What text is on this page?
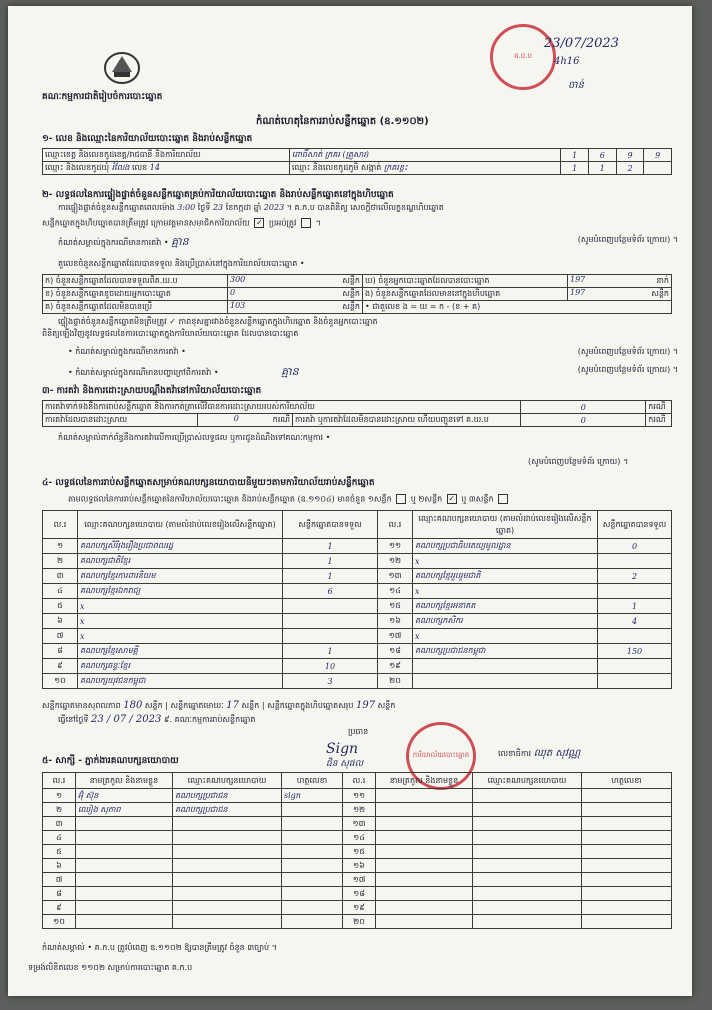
គ.ជ.ប
23/07/2023
4h16
ចាន់
គណៈកម្មការជាតិរៀបចំការបោះឆ្នោត
កំណត់ហេតុនៃការរាប់សន្លឹកឆ្នោត (ឧ.១១០២)
១- លេខ និងឈ្មោះនៃការិយាល័យបោះឆ្នោត និងរាប់សន្លឹកឆ្នោត
ឈ្មោះខេត្ត និងលេខកូដខេត្ត/រាជធានី និងការិយាល័យ	ពោធិ៍សាត់ ក្រគរ (គ្រួសារ)	1	6	9	9
ឈ្មោះ និងលេខកូដឃុំ រំលែង លេខ 14	ឈ្មោះ និងលេខកូដភូមិ សង្កាត់ ក្រគរខ្លះ	1	1	2	
២- លទ្ធផលនៃការផ្ទៀងផ្ទាត់ចំនួនសន្លឹកឆ្នោតគ្រប់ការិយាល័យបោះឆ្នោត និងរាប់សន្លឹកឆ្នោតនៅក្នុងហិបឆ្នោត
ការផ្ទៀងផ្ទាត់ចំនួនសន្លឹកឆ្នោតពេលម៉ោង 3:00 ថ្ងៃទី 23 ខែកក្កដា ឆ្នាំ 2023 ។ គ.ក.ប បានពិនិត្យ សេចក្តីថាលើលក្ខខណ្ឌហិបឆ្នោត
សន្លឹកឆ្នោតក្នុងហិបឆ្នោតបានត្រឹមត្រូវ ក្រោមវត្តមានសមាជិកការិយាល័យ ✓ ប្រអប់ត្រូវ ។
កំណត់សម្គាល់ក្នុងករណីមានការតវ៉ា • គ្មាន	(សូមបំពេញបន្ថែមទំព័រ ក្រោយ) ។
តួលេខចំនួនសន្លឹកឆ្នោតដែលបានទទួល និងប្រើប្រាស់នៅក្នុងការិយាល័យបោះឆ្នោត •
ក) ចំនួនសន្លឹកឆ្នោតដែលបានទទួលពីគ.ឃ.ប	300 សន្លឹក	ឃ) ចំនួនអ្នកបោះឆ្នោតដែលបានបោះឆ្នោត	197 នាក់

ខ) ចំនួនសន្លឹកឆ្នោតខូចដោយអ្នកបោះឆ្នោត	0 សន្លឹក	ង) ចំនួនសន្លឹកឆ្នោតដែលមាននៅក្នុងហិបឆ្នោត	197 សន្លឹក

គ) ចំនួនសន្លឹកឆ្នោតដែលមិនបានប្រើ	103 សន្លឹក	• ជាតួលេខ ង = ឃ = ក - (ខ + គ)	
ផ្ទៀងផ្ទាត់ចំនួនសន្លឹកឆ្នោតមិនត្រឹមត្រូវ ✓ ភាពខុសគ្នារវាងចំនួនសន្លឹកឆ្នោតក្នុងហិបឆ្នោត និងចំនួនអ្នកបោះឆ្នោត
ពិនិត្យឡើងវិញនូវលទ្ធផលនៃការបោះឆ្នោតក្នុងការិយាល័យបោះឆ្នោត ដែលបានបោះឆ្នោត
• កំណត់សម្គាល់ក្នុងករណីមានការតវ៉ា •	(សូមបំពេញបន្ថែមទំព័រ ក្រោយ) ។
• កំណត់សម្គាល់ក្នុងករណីមានបញ្ហាក្រៅពីការតវ៉ា •	គ្មាន	(សូមបំពេញបន្ថែមទំព័រ ក្រោយ) ។
៣- ការតវ៉ា និងការដោះស្រាយបណ្តឹងតវ៉ានៅការិយាល័យបោះឆ្នោត
ការតវ៉ាទាក់ទងនឹងការរាប់សន្លឹកឆ្នោត និងការកត់ត្រាលើវិធានការដោះស្រាយរបស់ការិយាល័យ			0	ករណី
ការតវ៉ាដែលបានដោះស្រាយ	0 ករណី	ការតវ៉ា ឬការតវ៉ាដែលមិនបានដោះស្រាយ ហើយបញ្ជូនទៅ គ.ឃ.ប	0	ករណី
កំណត់សម្គាល់ពាក់ព័ន្ធនឹងការតវ៉ាលើការប្រើប្រាស់លទ្ធផល ឬការជូនដំណឹងទៅគណៈកម្មការ •
(សូមបំពេញបន្ថែមទំព័រ ក្រោយ) ។
៤- លទ្ធផលនៃការរាប់សន្លឹកឆ្នោតសម្រាប់គណបក្សនយោបាយនីមួយៗតាមការិយាល័យរាប់សន្លឹកឆ្នោត
តាមលទ្ធផលនៃការរាប់សន្លឹកឆ្នោតនៃការិយាល័យបោះឆ្នោត និងរាប់សន្លឹកឆ្នោត (ឧ.១១០៤) មានចំនួន ១សន្លឹក ឬ ២សន្លឹក ✓ ឬ ៣សន្លឹក
ល.រ	ឈ្មោះគណបក្សនយោបាយ (តាមលំដាប់លេខរៀងលើសន្លឹកឆ្នោត)	សន្លឹកឆ្នោតបានទទួល	ល.រ	ឈ្មោះគណបក្សនយោបាយ (តាមលំដាប់លេខរៀងលើសន្លឹកឆ្នោត)	សន្លឹកឆ្នោតបានទទួល
១	គណបក្សសិរីរុងរឿងប្រជាពលរដ្ឋ	1	១១	គណបក្សប្រជាធិបតេយ្យមូលដ្ឋាន	0
២	គណបក្សជាតិខ្មែរ	1	១២	x	
៣	គណបក្សខ្មែរការពារនិយម	1	១៣	គណបក្សខ្មែររួបរួមជាតិ	2
៤	គណបក្សខ្មែរឯករាជ្យ	6	១៤	x	
៥	x		១៥	គណបក្សខ្មែរអនាគត	1
៦	x		១៦	គណបក្សកសិករ	4
៧	x		១៧	x	
៨	គណបក្សខ្មែរសាមគ្គី	1	១៨	គណបក្សប្រជាជនកម្ពុជា	150
៩	គណបក្សឆន្ទៈខ្មែរ	10	១៩		
១០	គណបក្សយុវជនកម្ពុជា	3	២០		
សន្លឹកឆ្នោតមានសុពលភាព 180 សន្លឹក | សន្លឹកឆ្នោតមោឃៈ 17 សន្លឹក | សន្លឹកឆ្នោតក្នុងហិបឆ្នោតសរុប 197 សន្លឹក
ធ្វើនៅថ្ងៃទី 23 / 07 / 2023 ៩. គណៈកម្មការរាប់សន្លឹកឆ្នោត
ប្រធាន
Sign
ជិន សុផល
ការិយាល័យបោះឆ្នោត	លេខាធិការ ឈុត សុវណ្ណ
៥- សាក្សី - ភ្នាក់ងារគណបក្សនយោបាយ
ល.រ	នាមត្រកូល និងនាមខ្លួន	ឈ្មោះគណបក្សនយោបាយ	ហត្ថលេខា	ល.រ	នាមត្រកូល និងនាមខ្លួន	ឈ្មោះគណបក្សនយោបាយ	ហត្ថលេខា
១	អ៊ុំ ស៊ុន	គណបក្សប្រជាជន	sign	១១			
២	ឈៀង សុភាព	គណបក្សប្រជាជន		១២			
៣				១៣			
៤				១៤			
៥				១៥			
៦				១៦			
៧				១៧			
៨				១៨			
៩				១៩			
១០				២០			
កំណត់សម្គាល់ • គ.ក.ប ត្រូវបំពេញ ឧ.១១០២ ឱ្យបានត្រឹមត្រូវ ចំនួន ៣ច្បាប់ ។
ទម្រង់លិខិតលេខ ១១០២ សម្រាប់ការបោះឆ្នោត គ.ក.ប
